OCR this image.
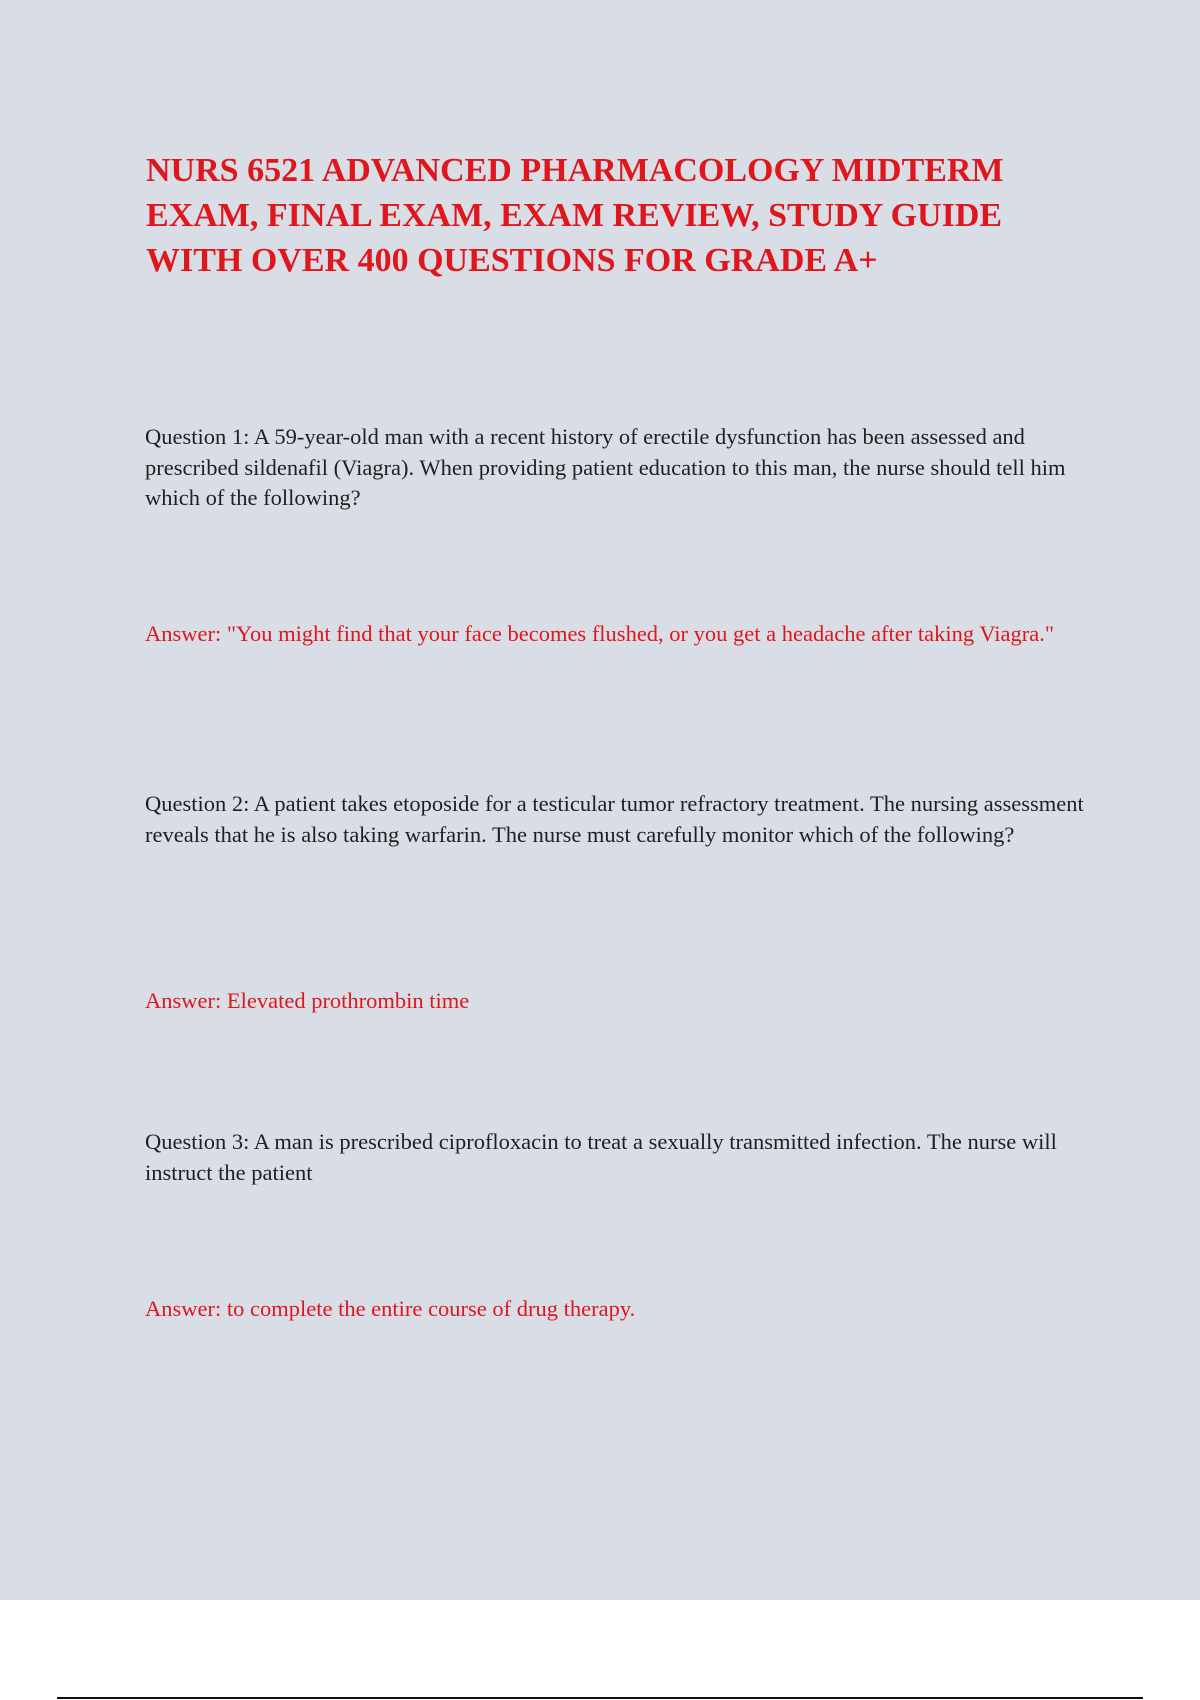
NURS 6521 ADVANCED PHARMACOLOGY MIDTERM EXAM, FINAL EXAM, EXAM REVIEW, STUDY GUIDE WITH OVER 400 QUESTIONS FOR GRADE A+

Question 1: A 59-year-old man with a recent history of erectile dysfunction has been assessed and prescribed sildenafil (Viagra). When providing patient education to this man, the nurse should tell him which of the following?

Answer: "You might find that your face becomes flushed, or you get a headache after taking Viagra."

Question 2: A patient takes etoposide for a testicular tumor refractory treatment. The nursing assessment reveals that he is also taking warfarin. The nurse must carefully monitor which of the following?

Answer: Elevated prothrombin time

Question 3: A man is prescribed ciprofloxacin to treat a sexually transmitted infection. The nurse will instruct the patient

Answer: to complete the entire course of drug therapy.
